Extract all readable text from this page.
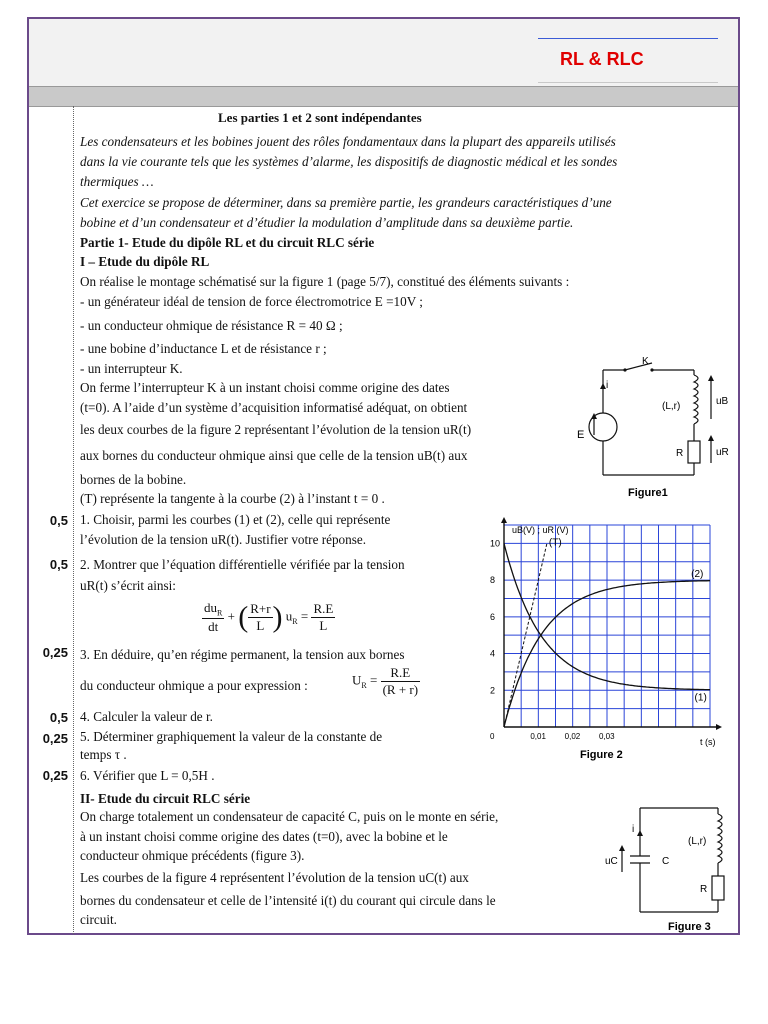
RL & RLC
Les parties 1 et 2 sont indépendantes
Les condensateurs et les bobines jouent des rôles fondamentaux dans la plupart des appareils utilisés
dans la vie courante tels que les systèmes d’alarme, les dispositifs de diagnostic médical et les sondes
thermiques …
Cet exercice se propose de déterminer, dans sa première partie, les grandeurs caractéristiques d’une
bobine et d’un condensateur et d’étudier la modulation d’amplitude dans sa deuxième partie.
Partie 1- Etude du dipôle RL et du circuit RLC série
I – Etude du dipôle RL
On réalise le montage schématisé sur la figure 1 (page 5/7), constitué des éléments suivants :
- un générateur idéal de tension de force électromotrice E =10V ;
- un conducteur ohmique de résistance R = 40 Ω ;
- une bobine d’inductance L et de résistance r ;
- un interrupteur K.
On ferme l’interrupteur K à un instant choisi comme origine des dates
(t=0). A l’aide d’un système d’acquisition informatisé adéquat, on obtient
les deux courbes de la figure 2 représentant l’évolution de la tension uR(t)
aux bornes du conducteur ohmique ainsi que celle de la tension uB(t) aux
bornes de la bobine.
(T) représente la tangente à la courbe (2) à l’instant t = 0 .
0,5 1. Choisir, parmi les courbes (1) et (2), celle qui représente
l’évolution de la tension uR(t). Justifier votre réponse.
0,5 2. Montrer que l’équation différentielle vérifiée par la tension
uR(t) s’écrit ainsi:
$\frac{du_R}{dt}$ + ( $\frac{R+r}{L}$ ) $u_R = \frac{R.E}{L}$
0,25 3. En déduire, qu’en régime permanent, la tension aux bornes
du conducteur ohmique a pour expression :	$U_R = \frac{R.E}{(R + r)}$
0,5 4. Calculer la valeur de r.
0,25 5. Déterminer graphiquement la valeur de la constante de
temps τ .
0,25 6. Vérifier que L = 0,5H .
II- Etude du circuit RLC série
On charge totalement un condensateur de capacité C, puis on le monte en série,
à un instant choisi comme origine des dates (t=0), avec la bobine et le
conducteur ohmique précédents (figure 3).
Les courbes de la figure 4 représentent l’évolution de la tension uC(t) aux
bornes du condensateur et celle de l’intensité i(t) du courant qui circule dans le
circuit.
K
i
E
(L,r)
R
uB
uR
Figure1
2
4
6
8
10
0	0,01 0,02 0,03
(1)
(2)
(T)
uB(V) ; uR (V)
t (s)
Figure 2
i
(L,r)
C
uC
R
Figure 3
